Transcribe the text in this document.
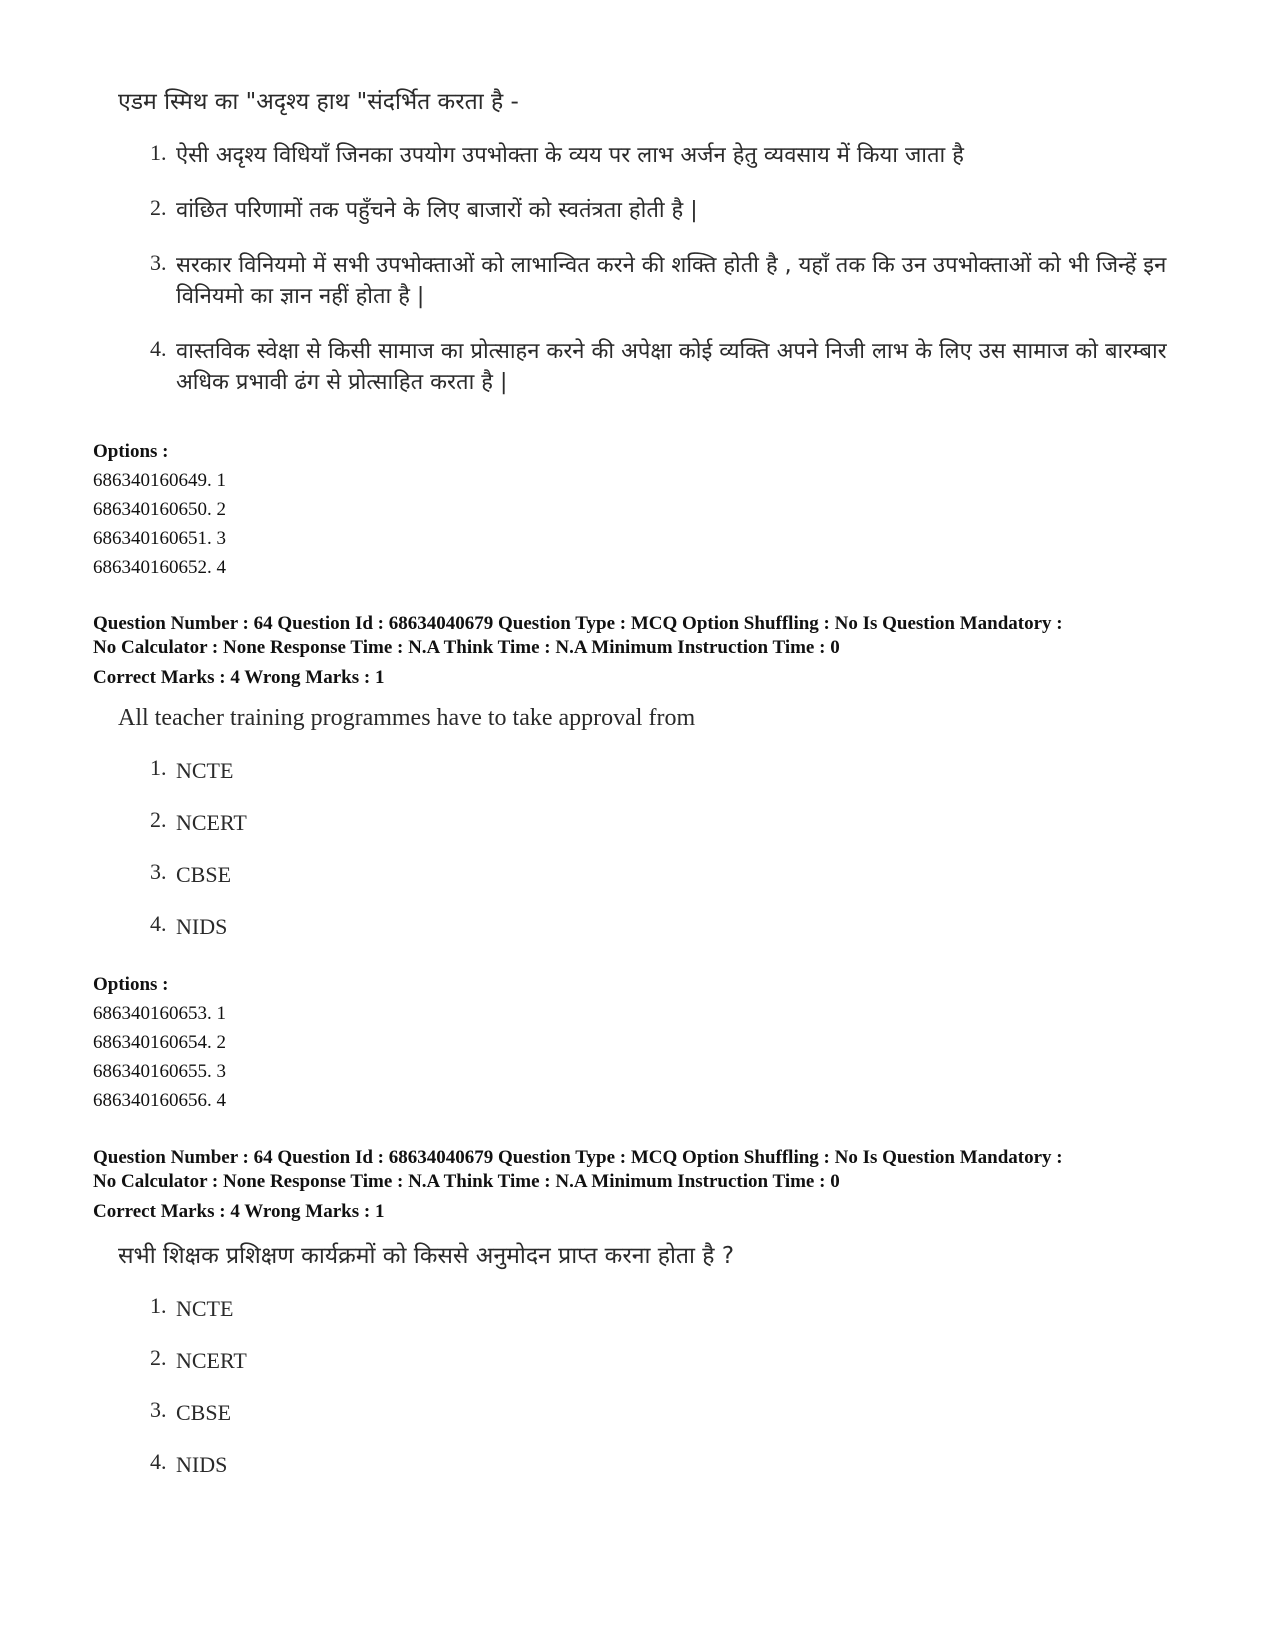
एडम स्मिथ का "अदृश्य हाथ "संदर्भित करता है -

1. ऐसी अदृश्य विधियाँ जिनका उपयोग उपभोक्ता के व्यय पर लाभ अर्जन हेतु व्यवसाय में किया जाता है
2. वांछित परिणामों तक पहुँचने के लिए बाजारों को स्वतंत्रता होती है |
3. सरकार विनियमो में सभी उपभोक्ताओं को लाभान्वित करने की शक्ति होती है , यहाँ तक कि उन उपभोक्ताओं को भी जिन्हें इन विनियमो का ज्ञान नहीं होता है |
4. वास्तविक स्वेक्षा से किसी सामाज का प्रोत्साहन करने की अपेक्षा कोई व्यक्ति अपने निजी लाभ के लिए उस सामाज को बारम्बार अधिक प्रभावी ढंग से प्रोत्साहित करता है |
Options :
686340160649. 1
686340160650. 2
686340160651. 3
686340160652. 4
Question Number : 64 Question Id : 68634040679 Question Type : MCQ Option Shuffling : No Is Question Mandatory :
No Calculator : None Response Time : N.A Think Time : N.A Minimum Instruction Time : 0
Correct Marks : 4 Wrong Marks : 1

All teacher training programmes have to take approval from

1. NCTE
2. NCERT
3. CBSE
4. NIDS
Options :
686340160653. 1
686340160654. 2
686340160655. 3
686340160656. 4
Question Number : 64 Question Id : 68634040679 Question Type : MCQ Option Shuffling : No Is Question Mandatory :
No Calculator : None Response Time : N.A Think Time : N.A Minimum Instruction Time : 0
Correct Marks : 4 Wrong Marks : 1

सभी शिक्षक प्रशिक्षण कार्यक्रमों को किससे अनुमोदन प्राप्त करना होता है ?

1. NCTE
2. NCERT
3. CBSE
4. NIDS
